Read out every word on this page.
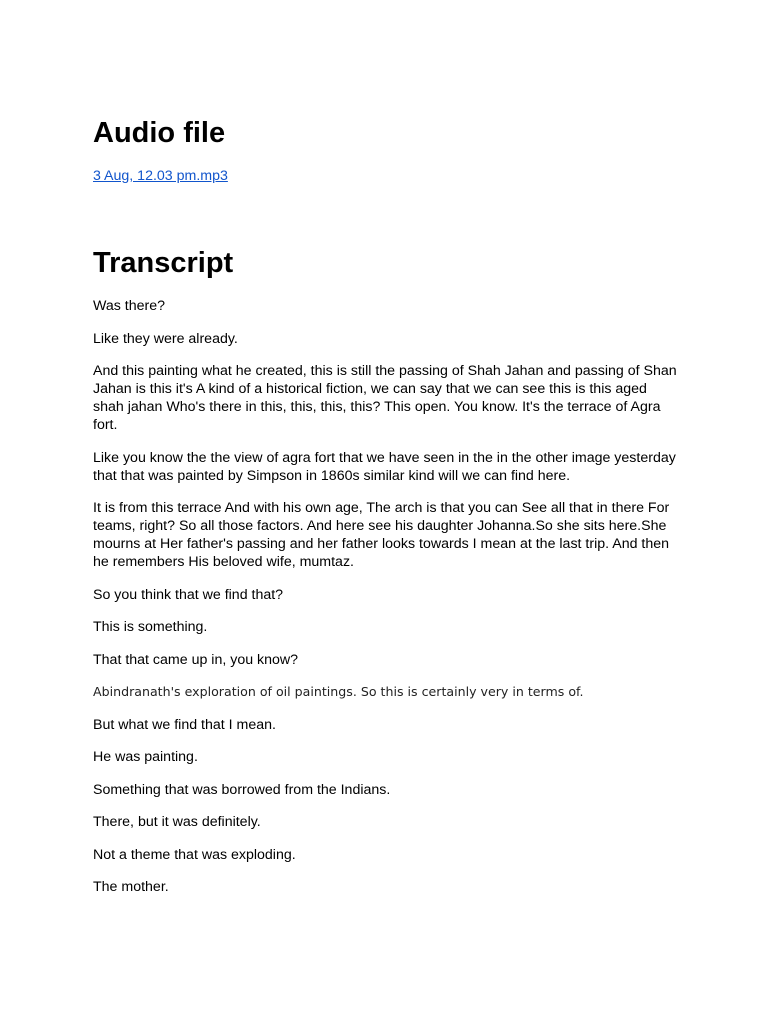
Audio file
3 Aug, 12.03 pm.mp3
Transcript

Was there?

Like they were already.

And this painting what he created, this is still the passing of Shah Jahan and passing of Shan Jahan is this it's A kind of a historical fiction, we can say that we can see this is this aged shah jahan Who's there in this, this, this, this? This open. You know. It's the terrace of Agra fort.

Like you know the the view of agra fort that we have seen in the in the other image yesterday that that was painted by Simpson in 1860s similar kind will we can find here.

It is from this terrace And with his own age, The arch is that you can See all that in there For teams, right? So all those factors. And here see his daughter Johanna.So she sits here.She mourns at Her father's passing and her father looks towards I mean at the last trip. And then he remembers His beloved wife, mumtaz.

So you think that we find that?

This is something.

That that came up in, you know?

Abindranath's exploration of oil paintings. So this is certainly very in terms of.

But what we find that I mean.

He was painting.

Something that was borrowed from the Indians.

There, but it was definitely.

Not a theme that was exploding.

The mother.
